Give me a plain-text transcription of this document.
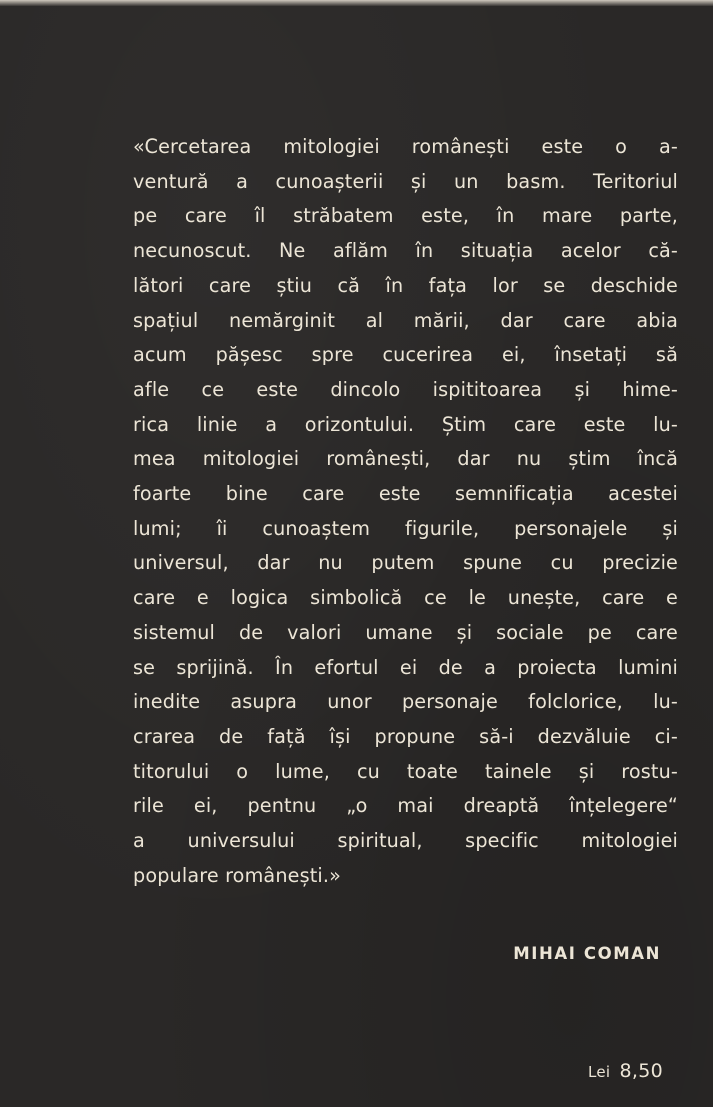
«Cercetarea mitologiei românești este o a-
ventură a cunoașterii și un basm. Teritoriul
pe care îl străbatem este, în mare parte,
necunoscut. Ne aflăm în situația acelor că-
lători care știu că în fața lor se deschide
spațiul nemărginit al mării, dar care abia
acum pășesc spre cucerirea ei, însetați să
afle ce este dincolo ispititoarea și hime-
rica linie a orizontului. Știm care este lu-
mea mitologiei românești, dar nu știm încă
foarte bine care este semnificația acestei
lumi; îi cunoaștem figurile, personajele și
universul, dar nu putem spune cu precizie
care e logica simbolică ce le unește, care e
sistemul de valori umane și sociale pe care
se sprijină. În efortul ei de a proiecta lumini
inedite asupra unor personaje folclorice, lu-
crarea de față își propune să-i dezvăluie ci-
titorului o lume, cu toate tainele și rostu-
rile ei, pentnu „o mai dreaptă înțelegere“
a universului spiritual, specific mitologiei
populare românești.»

MIHAI COMAN

Lei 8,50
